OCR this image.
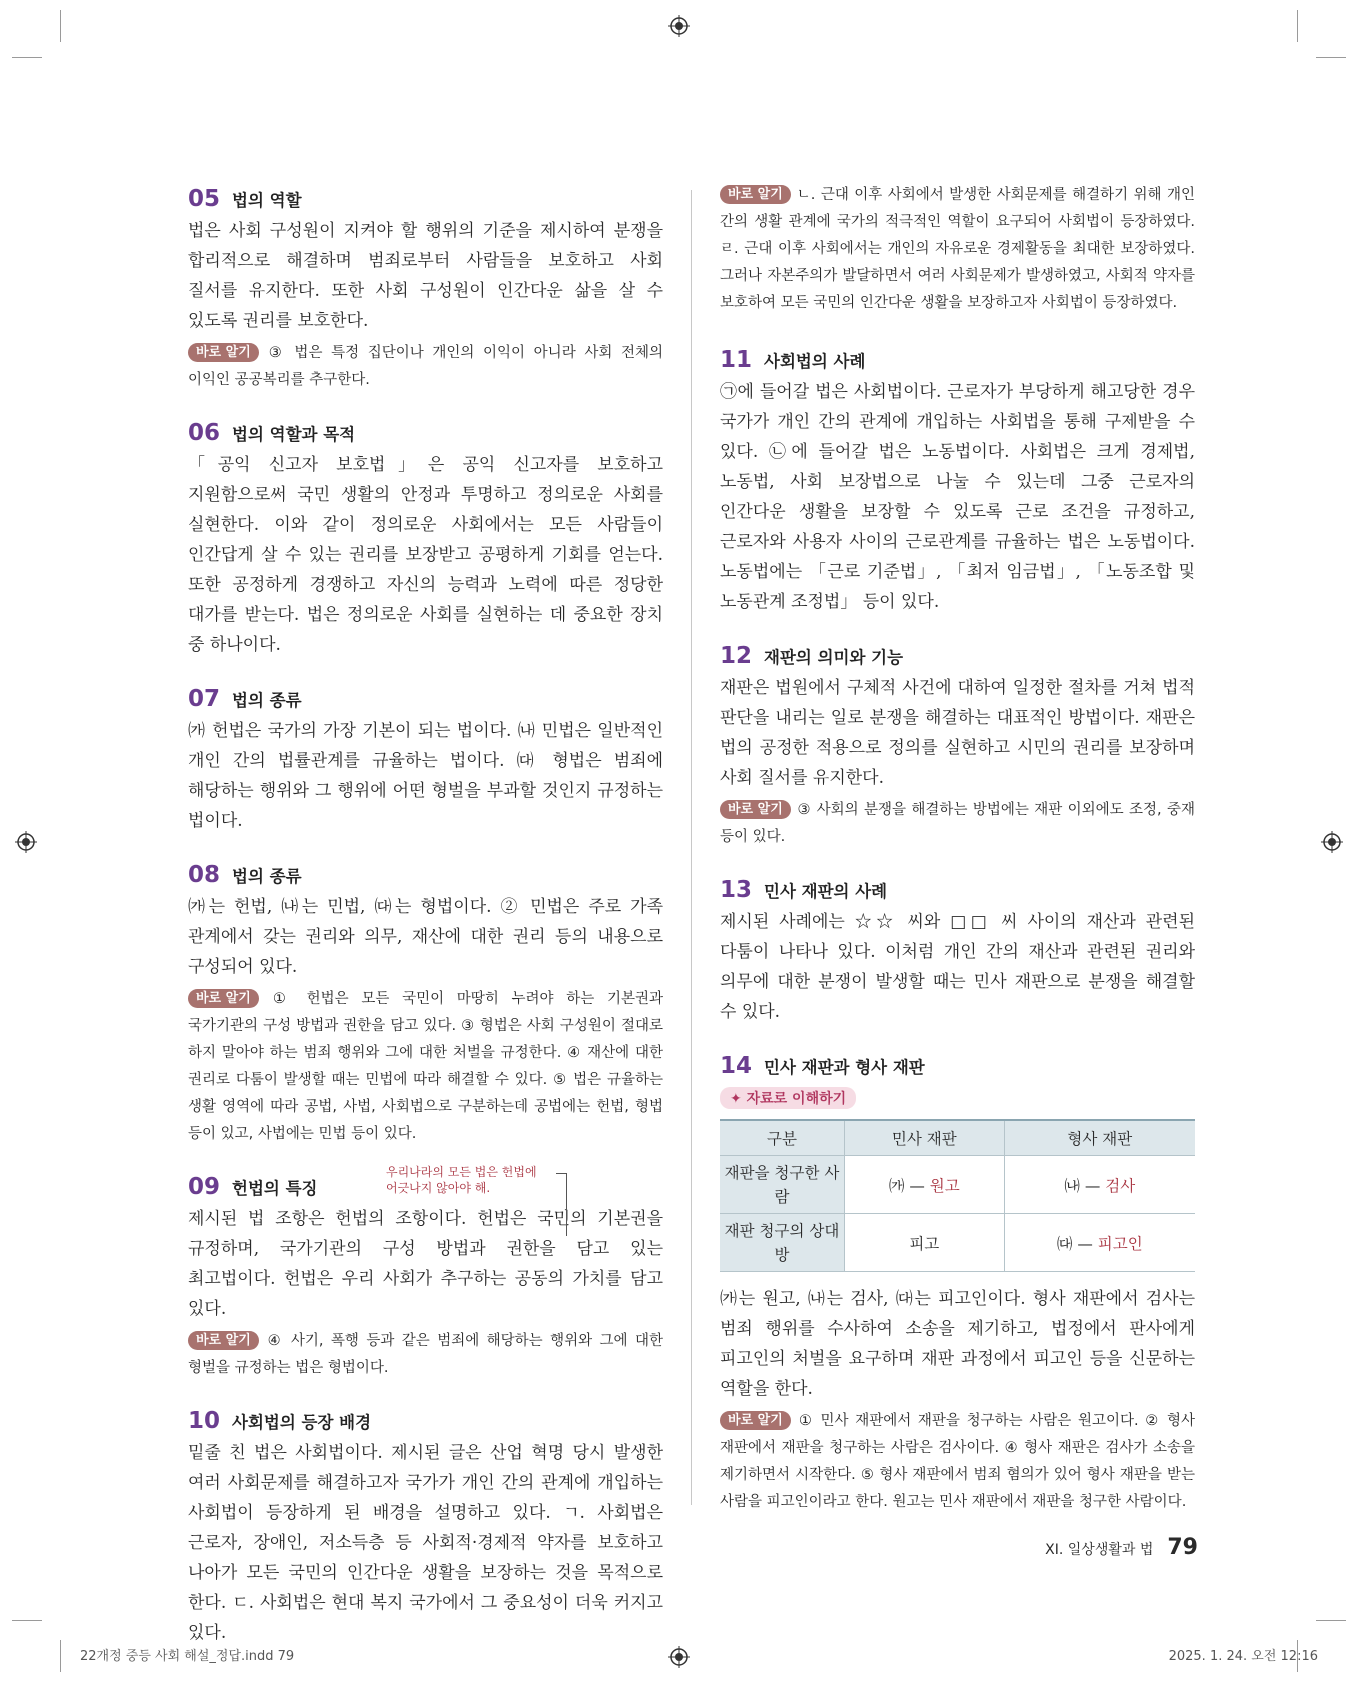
05 법의 역할

법은 사회 구성원이 지켜야 할 행위의 기준을 제시하여 분쟁을 합리적으로 해결하며 범죄로부터 사람들을 보호하고 사회 질서를 유지한다. 또한 사회 구성원이 인간다운 삶을 살 수 있도록 권리를 보호한다.

바로 알기 ③ 법은 특정 집단이나 개인의 이익이 아니라 사회 전체의 이익인 공공복리를 추구한다.
06 법의 역할과 목적

「공익 신고자 보호법」은 공익 신고자를 보호하고 지원함으로써 국민 생활의 안정과 투명하고 정의로운 사회를 실현한다. 이와 같이 정의로운 사회에서는 모든 사람들이 인간답게 살 수 있는 권리를 보장받고 공평하게 기회를 얻는다. 또한 공정하게 경쟁하고 자신의 능력과 노력에 따른 정당한 대가를 받는다. 법은 정의로운 사회를 실현하는 데 중요한 장치 중 하나이다.

07 법의 종류

㈎ 헌법은 국가의 가장 기본이 되는 법이다. ㈏ 민법은 일반적인 개인 간의 법률관계를 규율하는 법이다. ㈐ 형법은 범죄에 해당하는 행위와 그 행위에 어떤 형벌을 부과할 것인지 규정하는 법이다.

08 법의 종류

㈎는 헌법, ㈏는 민법, ㈐는 형법이다. ② 민법은 주로 가족 관계에서 갖는 권리와 의무, 재산에 대한 권리 등의 내용으로 구성되어 있다.

바로 알기 ① 헌법은 모든 국민이 마땅히 누려야 하는 기본권과 국가기관의 구성 방법과 권한을 담고 있다. ③ 형법은 사회 구성원이 절대로 하지 말아야 하는 범죄 행위와 그에 대한 처벌을 규정한다. ④ 재산에 대한 권리로 다툼이 발생할 때는 민법에 따라 해결할 수 있다. ⑤ 법은 규율하는 생활 영역에 따라 공법, 사법, 사회법으로 구분하는데 공법에는 헌법, 형법 등이 있고, 사법에는 민법 등이 있다.
09 헌법의 특징
우리나라의 모든 법은 헌법에
어긋나지 않아야 해.

제시된 법 조항은 헌법의 조항이다. 헌법은 국민의 기본권을 규정하며, 국가기관의 구성 방법과 권한을 담고 있는 최고법이다. 헌법은 우리 사회가 추구하는 공동의 가치를 담고 있다.

바로 알기 ④ 사기, 폭행 등과 같은 범죄에 해당하는 행위와 그에 대한 형벌을 규정하는 법은 형법이다.
10 사회법의 등장 배경

밑줄 친 법은 사회법이다. 제시된 글은 산업 혁명 당시 발생한 여러 사회문제를 해결하고자 국가가 개인 간의 관계에 개입하는 사회법이 등장하게 된 배경을 설명하고 있다. ㄱ. 사회법은 근로자, 장애인, 저소득층 등 사회적·경제적 약자를 보호하고 나아가 모든 국민의 인간다운 생활을 보장하는 것을 목적으로 한다. ㄷ. 사회법은 현대 복지 국가에서 그 중요성이 더욱 커지고 있다.

바로 알기 ㄴ. 근대 이후 사회에서 발생한 사회문제를 해결하기 위해 개인 간의 생활 관계에 국가의 적극적인 역할이 요구되어 사회법이 등장하였다. ㄹ. 근대 이후 사회에서는 개인의 자유로운 경제활동을 최대한 보장하였다. 그러나 자본주의가 발달하면서 여러 사회문제가 발생하였고, 사회적 약자를 보호하여 모든 국민의 인간다운 생활을 보장하고자 사회법이 등장하였다.
11 사회법의 사례

㉠에 들어갈 법은 사회법이다. 근로자가 부당하게 해고당한 경우 국가가 개인 간의 관계에 개입하는 사회법을 통해 구제받을 수 있다. ㉡에 들어갈 법은 노동법이다. 사회법은 크게 경제법, 노동법, 사회 보장법으로 나눌 수 있는데 그중 근로자의 인간다운 생활을 보장할 수 있도록 근로 조건을 규정하고, 근로자와 사용자 사이의 근로관계를 규율하는 법은 노동법이다. 노동법에는 「근로 기준법」, 「최저 임금법」, 「노동조합 및 노동관계 조정법」 등이 있다.

12 재판의 의미와 기능

재판은 법원에서 구체적 사건에 대하여 일정한 절차를 거쳐 법적 판단을 내리는 일로 분쟁을 해결하는 대표적인 방법이다. 재판은 법의 공정한 적용으로 정의를 실현하고 시민의 권리를 보장하며 사회 질서를 유지한다.

바로 알기 ③ 사회의 분쟁을 해결하는 방법에는 재판 이외에도 조정, 중재 등이 있다.
13 민사 재판의 사례

제시된 사례에는 ☆☆ 씨와 □□ 씨 사이의 재산과 관련된 다툼이 나타나 있다. 이처럼 개인 간의 재산과 관련된 권리와 의무에 대한 분쟁이 발생할 때는 민사 재판으로 분쟁을 해결할 수 있다.

14 민사 재판과 형사 재판
✦ 자료로 이해하기
구분	민사 재판	형사 재판
재판을 청구한 사람	㈎ — 원고	㈏ — 검사
재판 청구의 상대방	피고	㈐ — 피고인

㈎는 원고, ㈏는 검사, ㈐는 피고인이다. 형사 재판에서 검사는 범죄 행위를 수사하여 소송을 제기하고, 법정에서 판사에게 피고인의 처벌을 요구하며 재판 과정에서 피고인 등을 신문하는 역할을 한다.

바로 알기 ① 민사 재판에서 재판을 청구하는 사람은 원고이다. ② 형사 재판에서 재판을 청구하는 사람은 검사이다. ④ 형사 재판은 검사가 소송을 제기하면서 시작한다. ⑤ 형사 재판에서 범죄 혐의가 있어 형사 재판을 받는 사람을 피고인이라고 한다. 원고는 민사 재판에서 재판을 청구한 사람이다.
XI. 일상생활과 법 79
22개정 중등 사회 해설_정답.indd 79	2025. 1. 24. 오전 12:16
